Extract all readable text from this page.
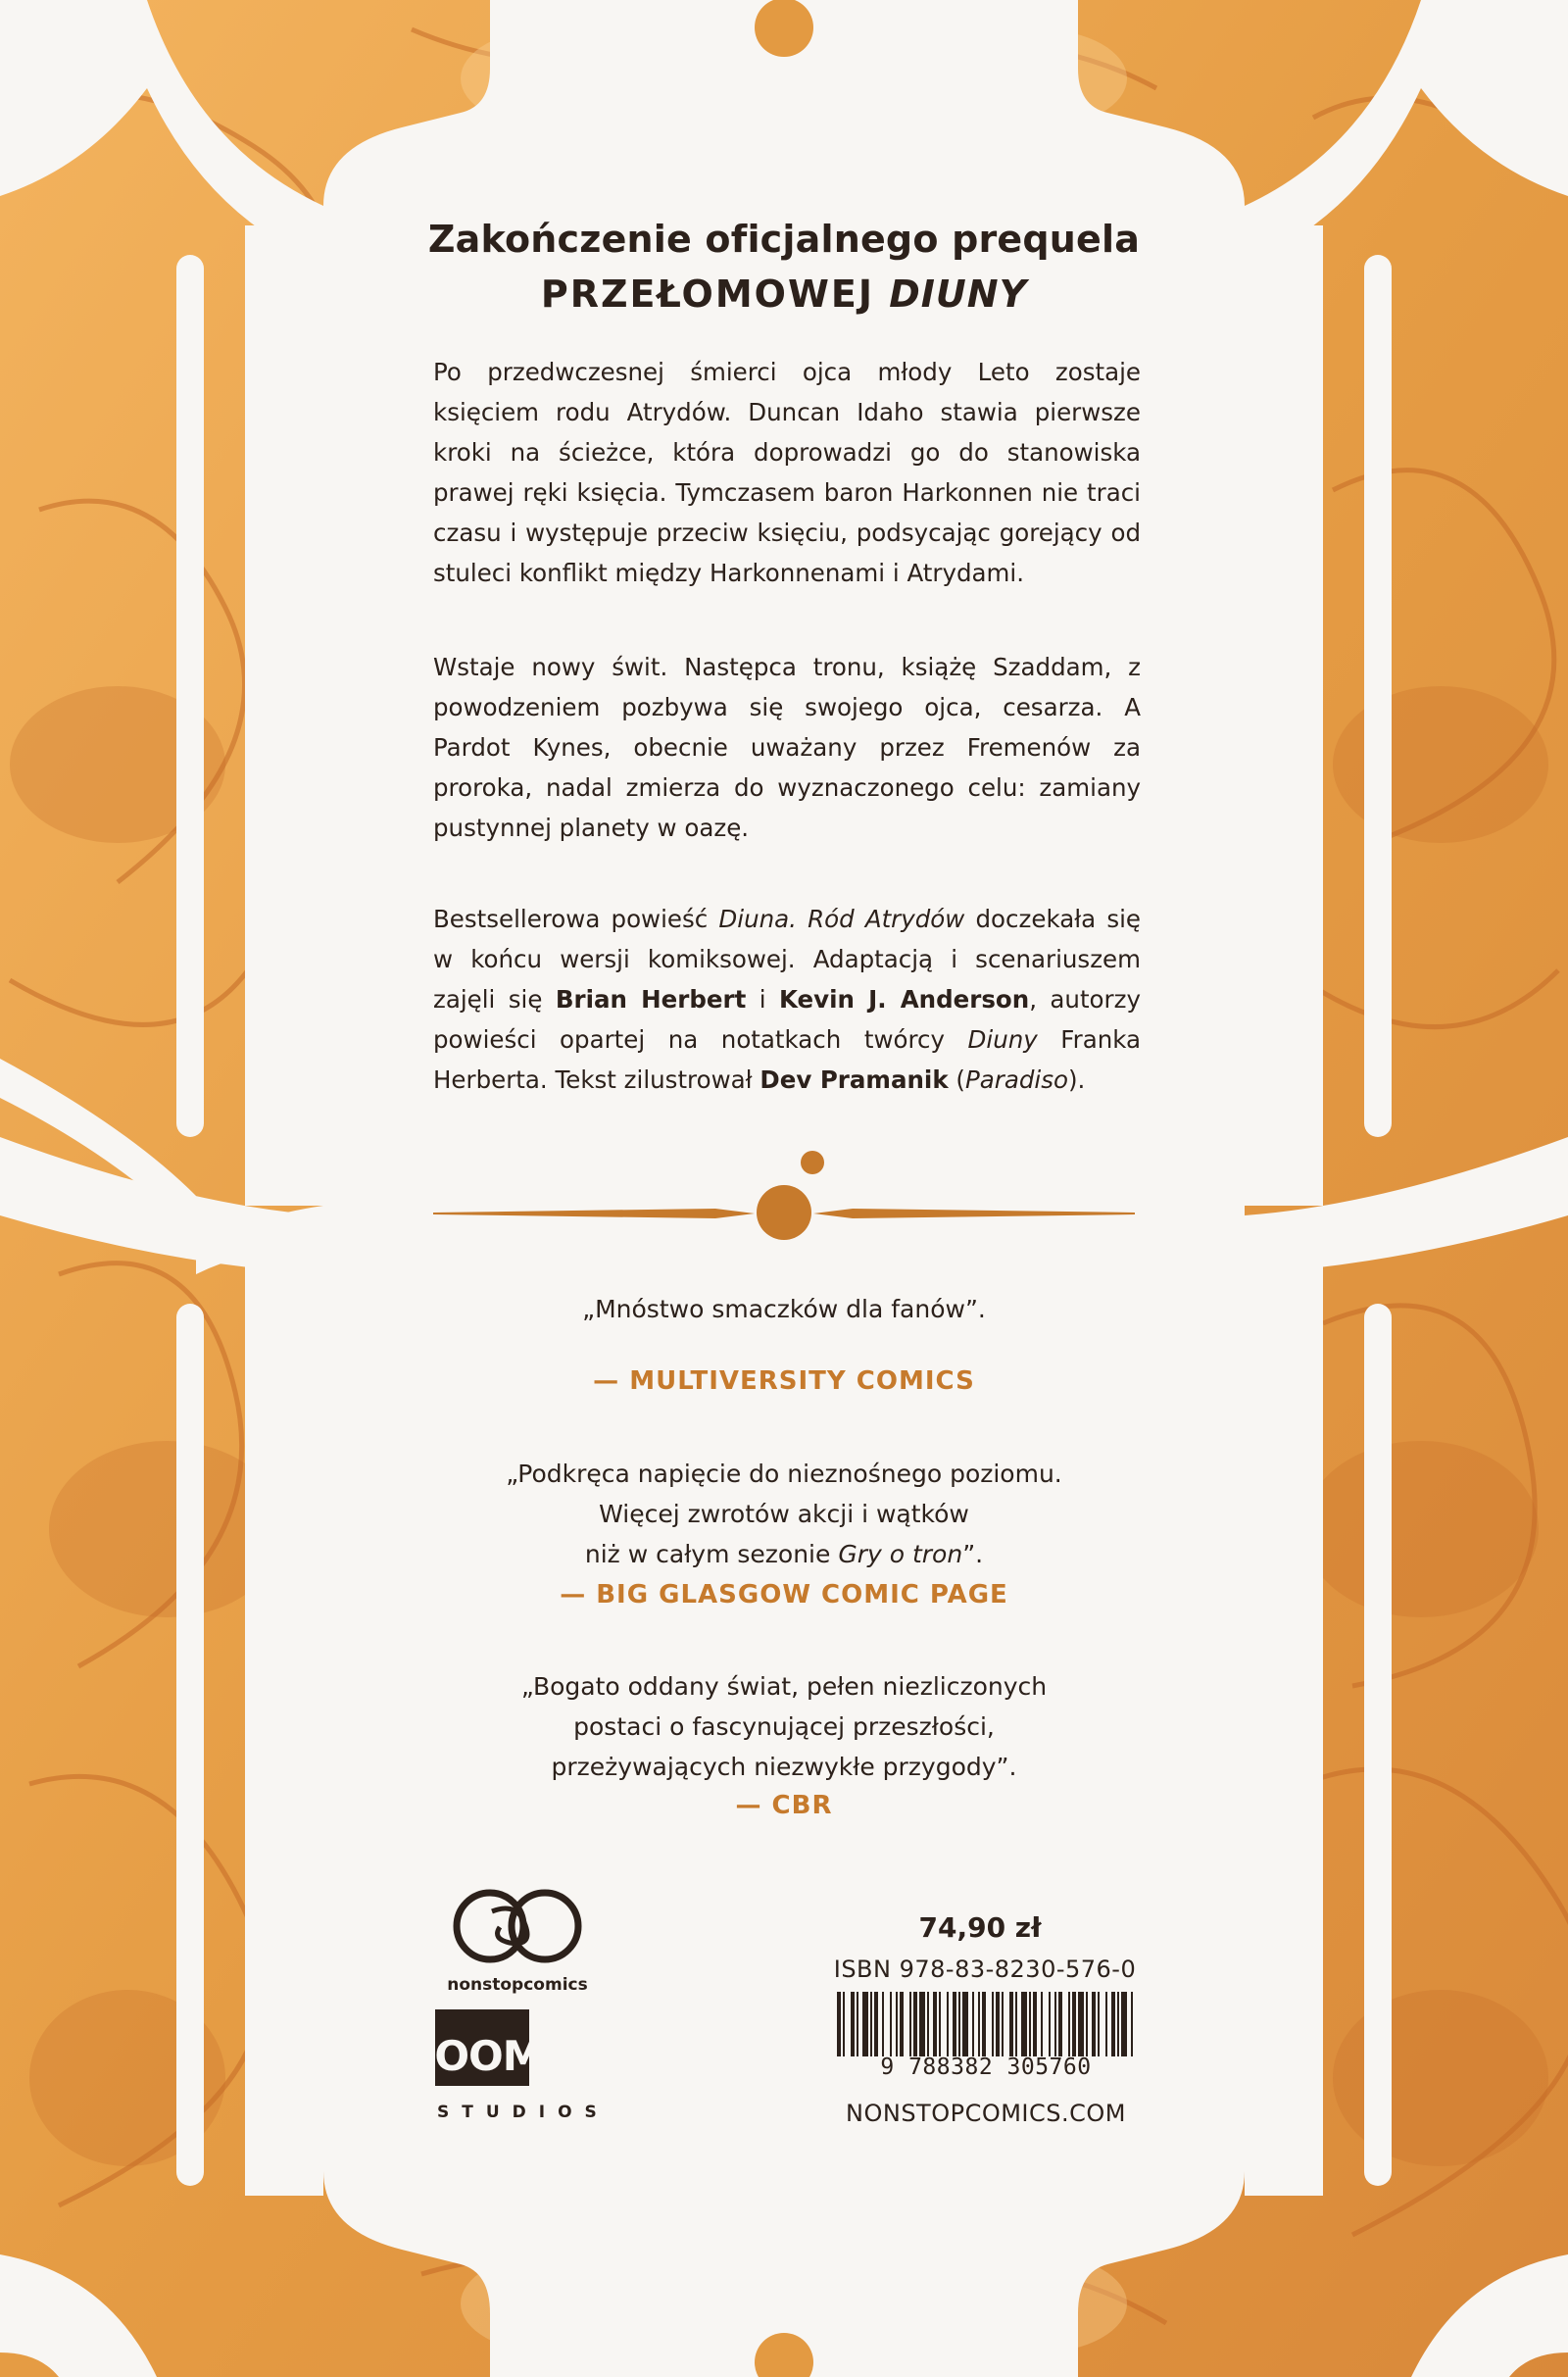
Zakończenie oficjalnego prequela
PRZEŁOMOWEJ DIUNY
Po przedwczesnej śmierci ojca młody Leto zostaje księciem rodu Atrydów. Duncan Idaho stawia pierwsze kroki na ścieżce, która doprowadzi go do stanowiska prawej ręki księcia. Tymczasem baron Harkonnen nie traci czasu i występuje przeciw księciu, podsycając gorejący od stuleci konflikt między Harkonnenami i Atrydami.
Wstaje nowy świt. Następca tronu, książę Szaddam, z powodzeniem pozbywa się swojego ojca, cesarza. A Pardot Kynes, obecnie uważany przez Fremenów za proroka, nadal zmierza do wyznaczonego celu: zamiany pustynnej planety w oazę.
Bestsellerowa powieść Diuna. Ród Atrydów doczekała się w końcu wersji komiksowej. Adaptacją i scenariuszem zajęli się Brian Herbert i Kevin J. Anderson, autorzy powieści opartej na notatkach twórcy Diuny Franka Herberta. Tekst zilustrował Dev Pramanik (Paradiso).
„Mnóstwo smaczków dla fanów”.
— MULTIVERSITY COMICS
„Podkręca napięcie do nieznośnego poziomu.
Więcej zwrotów akcji i wątków
niż w całym sezonie Gry o tron”.
— BIG GLASGOW COMIC PAGE
„Bogato oddany świat, pełen niezliczonych
postaci o fascynującej przeszłości,
przeżywających niezwykłe przygody”.
— CBR
nonstopcomics
BOOM!
STUDIOS
74,90 zł
ISBN 978-83-8230-576-0
9 788382 305760
NONSTOPCOMICS.COM
